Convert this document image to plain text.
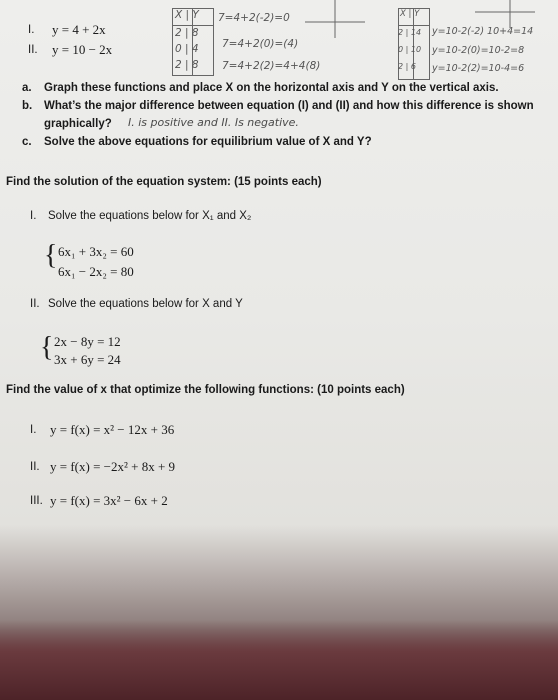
I. y = 4 + 2x
II. y = 10 − 2x
X | Y
2 | 8
0 | 4
2 | 8
7=4+2(-2)=0
7=4+2(0)=(4)
7=4+2(2)=4+4(8)
X | Y
2 | 14
0 | 10
2 | 6
y=10-2(-2) 10+4=14
y=10-2(0)=10-2=8
y=10-2(2)=10-4=6
a. Graph these functions and place X on the horizontal axis and Y on the vertical axis.
b. What’s the major difference between equation (I) and (II) and how this difference is shown
graphically? I. is positive and II. Is negative.
c. Solve the above equations for equilibrium value of X and Y?
Find the solution of the equation system: (15 points each)
I. Solve the equations below for X₁ and X₂
{ 6x₁ + 3x₂ = 60
6x₁ − 2x₂ = 80
II. Solve the equations below for X and Y
{ 2x − 8y = 12
3x + 6y = 24
Find the value of x that optimize the following functions: (10 points each)
I. y = f(x) = x² − 12x + 36
II. y = f(x) = −2x² + 8x + 9
III. y = f(x) = 3x² − 6x + 2
